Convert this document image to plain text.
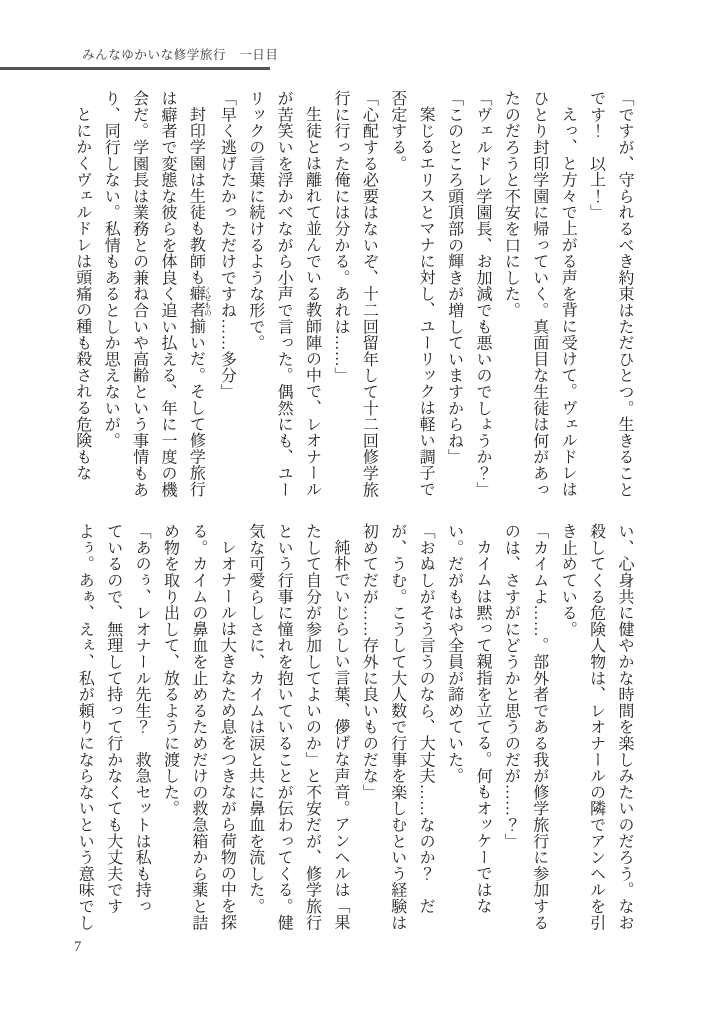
みんなゆかいな修学旅行　一日目
「ですが、守られるべき約束はただひとつ。生きること
です！　以上！」
えっ、と方々で上がる声を背に受けて。ヴェルドレは
ひとり封印学園に帰っていく。真面目な生徒は何があっ
たのだろうと不安を口にした。
「ヴェルドレ学園長、お加減でも悪いのでしょうか？」
「このところ頭頂部の輝きが増していますからね」
案じるエリスとマナに対し、ユーリックは軽い調子で
否定する。
「心配する必要はないぞ、十二回留年して十二回修学旅
行に行った俺には分かる。あれは……」
生徒とは離れて並んでいる教師陣の中で、レオナール
が苦笑いを浮かべながら小声で言った。偶然にも、ユー
リックの言葉に続けるような形で。
「早く逃げたかっただけですね……多分」
封印学園は生徒も教師も癖者 くせもの揃いだ。そして修学旅行
は癖者で変態な彼らを体良く追い払える、年に一度の機
会だ。学園長は業務との兼ね合いや高齢という事情もあ
り、同行しない。私情もあるとしか思えないが。
とにかくヴェルドレは頭痛の種も殺される危険もな
い、心身共に健やかな時間を楽しみたいのだろう。なお
殺してくる危険人物は、レオナールの隣でアンヘルを引
き止めている。
「カイムよ……。部外者である我が修学旅行に参加する
のは、さすがにどうかと思うのだが……？」
カイムは黙って親指を立てる。何もオッケーではな
い。だがもはや全員が諦めていた。
「おぬしがそう言うのなら、大丈夫……なのか？　だ
が、うむ。こうして大人数で行事を楽しむという経験は
初めてだが……存外に良いものだな」
純朴でいじらしい言葉、儚げな声音。アンヘルは「果
たして自分が参加してよいのか」と不安だが、修学旅行
という行事に憧れを抱いていることが伝わってくる。健
気な可愛らしさに、カイムは涙と共に鼻血を流した。
レオナールは大きなため息をつきながら荷物の中を探
る。カイムの鼻血を止めるためだけの救急箱から薬と詰
め物を取り出して、放るように渡した。
「あのぅ、レオナール先生？　救急セットは私も持っ
ているので、無理して持って行かなくても大丈夫です
よぅ。あぁ、えぇ、私が頼りにならないという意味でし
7
